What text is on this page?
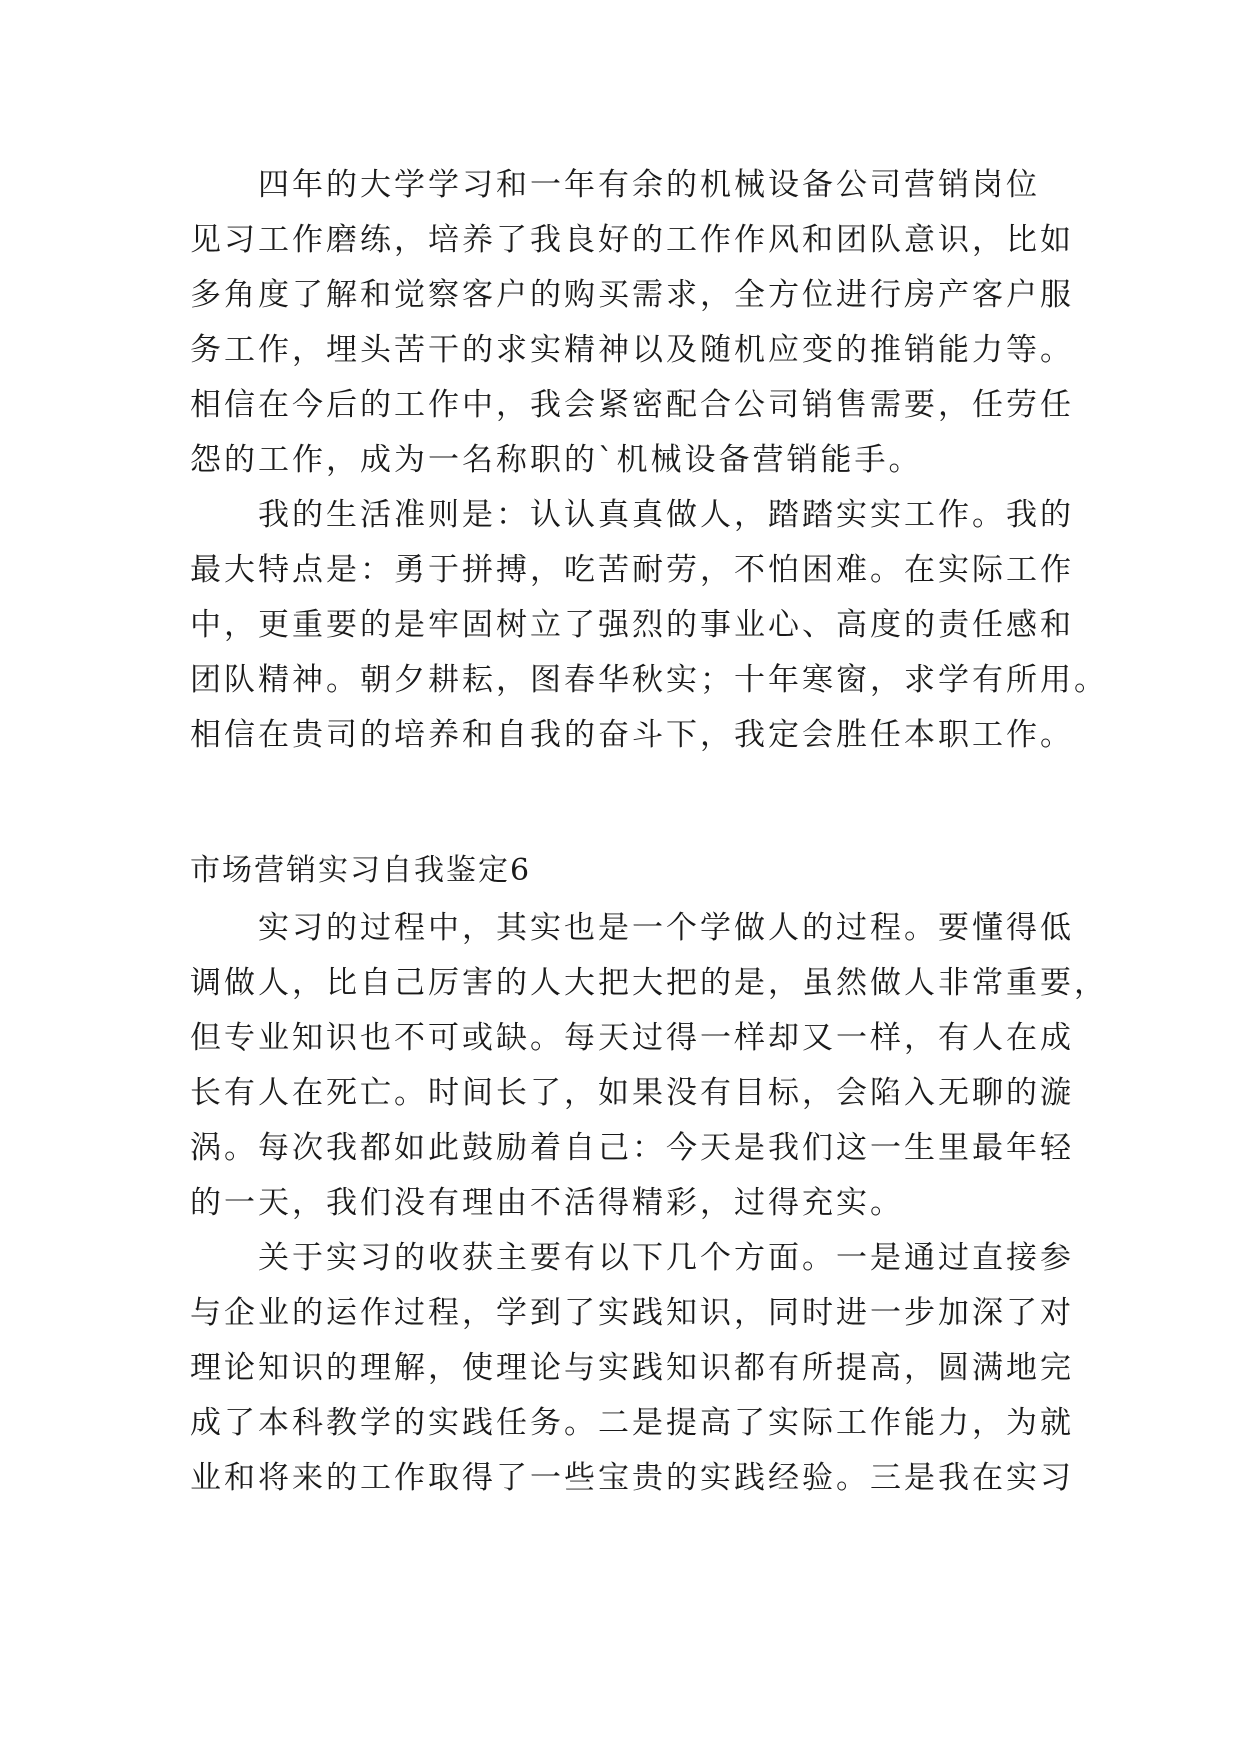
　　四年的大学学习和一年有余的机械设备公司营销岗位
见习工作磨练，培养了我良好的工作作风和团队意识，比如
多角度了解和觉察客户的购买需求，全方位进行房产客户服
务工作，埋头苦干的求实精神以及随机应变的推销能力等。
相信在今后的工作中，我会紧密配合公司销售需要，任劳任
怨的工作，成为一名称职的`机械设备营销能手。
　　我的生活准则是：认认真真做人，踏踏实实工作。我的
最大特点是：勇于拼搏，吃苦耐劳，不怕困难。在实际工作
中，更重要的是牢固树立了强烈的事业心、高度的责任感和
团队精神。朝夕耕耘，图春华秋实；十年寒窗，求学有所用。
相信在贵司的培养和自我的奋斗下，我定会胜任本职工作。
市场营销实习自我鉴定6
　　实习的过程中，其实也是一个学做人的过程。要懂得低
调做人，比自己厉害的人大把大把的是，虽然做人非常重要，
但专业知识也不可或缺。每天过得一样却又一样，有人在成
长有人在死亡。时间长了，如果没有目标，会陷入无聊的漩
涡。每次我都如此鼓励着自己：今天是我们这一生里最年轻
的一天，我们没有理由不活得精彩，过得充实。
　　关于实习的收获主要有以下几个方面。一是通过直接参
与企业的运作过程，学到了实践知识，同时进一步加深了对
理论知识的理解，使理论与实践知识都有所提高，圆满地完
成了本科教学的实践任务。二是提高了实际工作能力，为就
业和将来的工作取得了一些宝贵的实践经验。三是我在实习
